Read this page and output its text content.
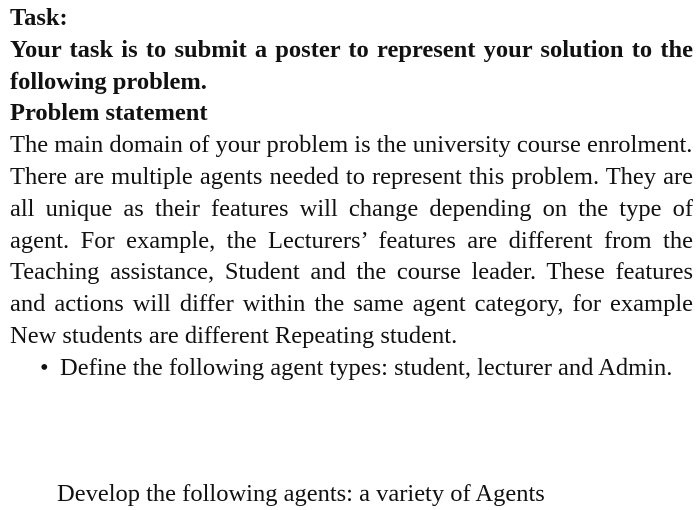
Task:

Your task is to submit a poster to represent your solution to the following problem.

Problem statement

The main domain of your problem is the university course enrolment.

There are multiple agents needed to represent this problem. They are all unique as their features will change depending on the type of agent. For example, the Lecturers’ features are different from the Teaching assistance, Student and the course leader. These features and actions will differ within the same agent category, for example New students are different Repeating student.

• Define the following agent types: student, lecturer and Admin.
Develop the following agents: a variety of Agents
